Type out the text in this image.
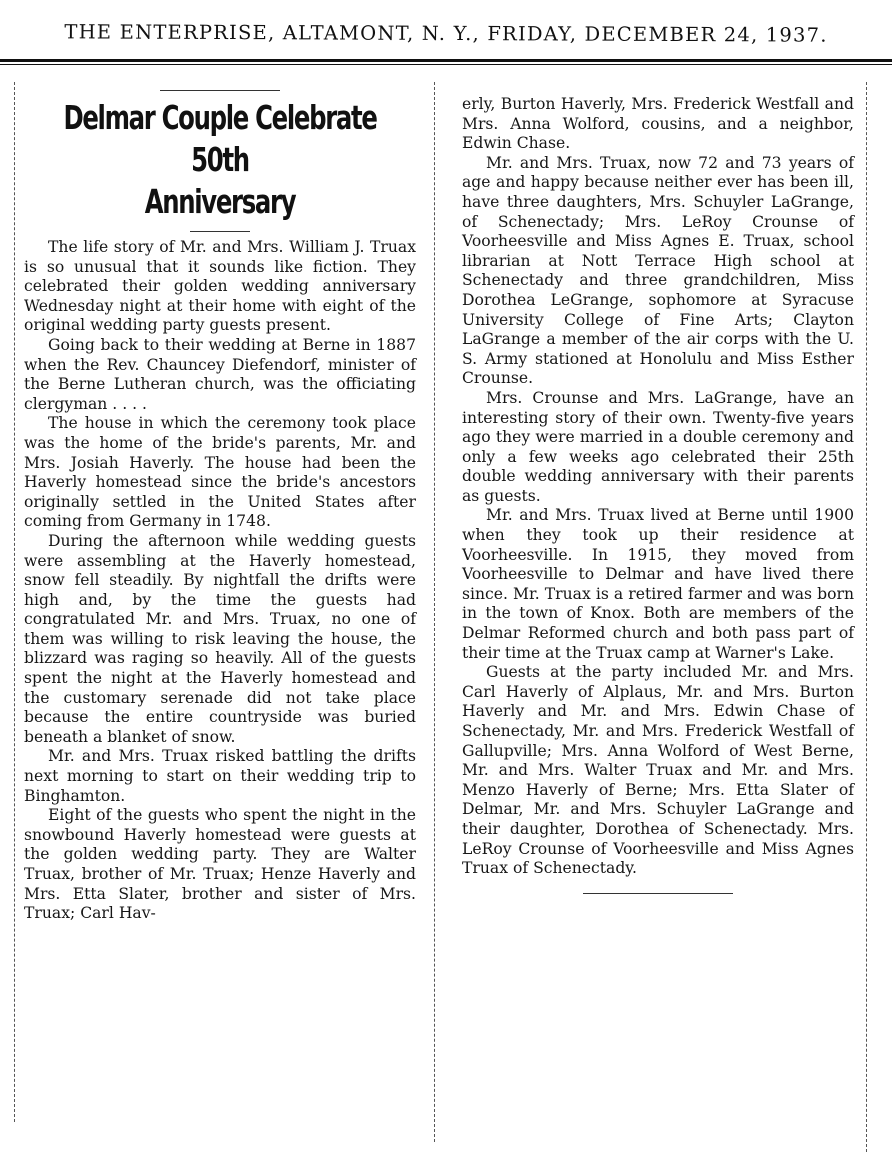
THE ENTERPRISE, ALTAMONT, N. Y., FRIDAY, DECEMBER 24, 1937.
Delmar Couple Celebrate 50th
Anniversary

The life story of Mr. and Mrs. William J. Truax is so unusual that it sounds like fiction. They celebrated their golden wedding anniversary Wednesday night at their home with eight of the original wedding party guests present.

Going back to their wedding at Berne in 1887 when the Rev. Chauncey Diefendorf, minister of the Berne Lutheran church, was the officiating clergyman . . . .

The house in which the ceremony took place was the home of the bride's parents, Mr. and Mrs. Josiah Haverly. The house had been the Haverly homestead since the bride's ancestors originally settled in the United States after coming from Germany in 1748.

During the afternoon while wedding guests were assembling at the Haverly homestead, snow fell steadily. By nightfall the drifts were high and, by the time the guests had congratulated Mr. and Mrs. Truax, no one of them was willing to risk leaving the house, the blizzard was raging so heavily. All of the guests spent the night at the Haverly homestead and the customary serenade did not take place because the entire countryside was buried beneath a blanket of snow.

Mr. and Mrs. Truax risked battling the drifts next morning to start on their wedding trip to Binghamton.

Eight of the guests who spent the night in the snowbound Haverly homestead were guests at the golden wedding party. They are Walter Truax, brother of Mr. Truax; Henze Haverly and Mrs. Etta Slater, brother and sister of Mrs. Truax; Carl Hav-

erly, Burton Haverly, Mrs. Frederick Westfall and Mrs. Anna Wolford, cousins, and a neighbor, Edwin Chase.

Mr. and Mrs. Truax, now 72 and 73 years of age and happy because neither ever has been ill, have three daughters, Mrs. Schuyler LaGrange, of Schenectady; Mrs. LeRoy Crounse of Voorheesville and Miss Agnes E. Truax, school librarian at Nott Terrace High school at Schenectady and three grandchildren, Miss Dorothea LeGrange, sophomore at Syracuse University College of Fine Arts; Clayton LaGrange a member of the air corps with the U. S. Army stationed at Honolulu and Miss Esther Crounse.

Mrs. Crounse and Mrs. LaGrange, have an interesting story of their own. Twenty-five years ago they were married in a double ceremony and only a few weeks ago celebrated their 25th double wedding anniversary with their parents as guests.

Mr. and Mrs. Truax lived at Berne until 1900 when they took up their residence at Voorheesville. In 1915, they moved from Voorheesville to Delmar and have lived there since. Mr. Truax is a retired farmer and was born in the town of Knox. Both are members of the Delmar Reformed church and both pass part of their time at the Truax camp at Warner's Lake.

Guests at the party included Mr. and Mrs. Carl Haverly of Alplaus, Mr. and Mrs. Burton Haverly and Mr. and Mrs. Edwin Chase of Schenectady, Mr. and Mrs. Frederick Westfall of Gallupville; Mrs. Anna Wolford of West Berne, Mr. and Mrs. Walter Truax and Mr. and Mrs. Menzo Haverly of Berne; Mrs. Etta Slater of Delmar, Mr. and Mrs. Schuyler LaGrange and their daughter, Dorothea of Schenectady. Mrs. LeRoy Crounse of Voorheesville and Miss Agnes Truax of Schenectady.
